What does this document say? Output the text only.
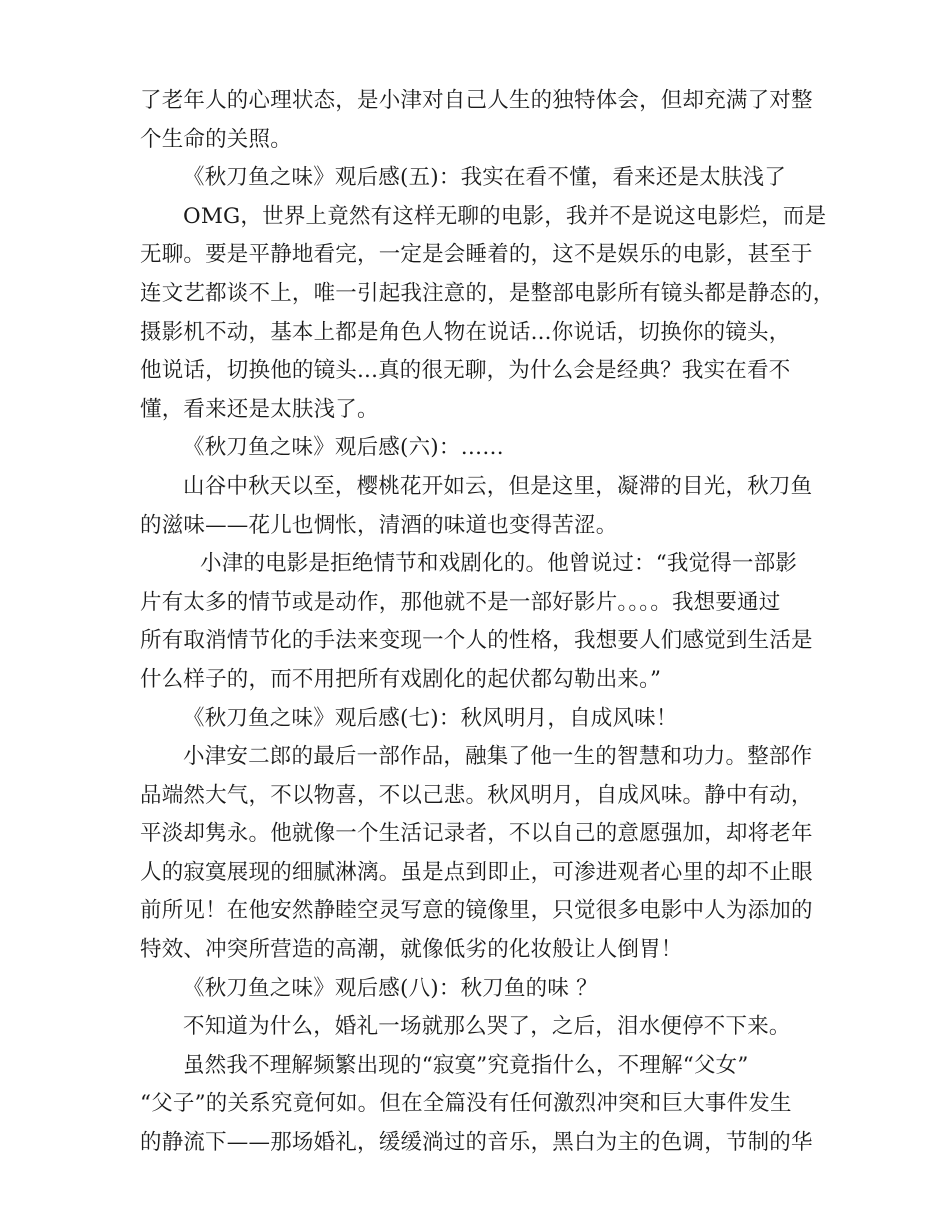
了老年人的心理状态，是小津对自己人生的独特体会，但却充满了对整
个生命的关照。
《秋刀鱼之味》观后感(五)：我实在看不懂，看来还是太肤浅了
OMG，世界上竟然有这样无聊的电影，我并不是说这电影烂，而是
无聊。要是平静地看完，一定是会睡着的，这不是娱乐的电影，甚至于
连文艺都谈不上，唯一引起我注意的，是整部电影所有镜头都是静态的，
摄影机不动，基本上都是角色人物在说话...你说话，切换你的镜头，
他说话，切换他的镜头...真的很无聊，为什么会是经典？我实在看不
懂，看来还是太肤浅了。
《秋刀鱼之味》观后感(六)：……
山谷中秋天以至，樱桃花开如云，但是这里，凝滞的目光，秋刀鱼
的滋味——花儿也惆怅，清酒的味道也变得苦涩。
小津的电影是拒绝情节和戏剧化的。他曾说过：“我觉得一部影
片有太多的情节或是动作，那他就不是一部好影片。。。。我想要通过
所有取消情节化的手法来变现一个人的性格，我想要人们感觉到生活是
什么样子的，而不用把所有戏剧化的起伏都勾勒出来。”
《秋刀鱼之味》观后感(七)：秋风明月，自成风味！
小津安二郎的最后一部作品，融集了他一生的智慧和功力。整部作
品端然大气，不以物喜，不以己悲。秋风明月，自成风味。静中有动，
平淡却隽永。他就像一个生活记录者，不以自己的意愿强加，却将老年
人的寂寞展现的细腻淋漓。虽是点到即止，可渗进观者心里的却不止眼
前所见！在他安然静睦空灵写意的镜像里，只觉很多电影中人为添加的
特效、冲突所营造的高潮，就像低劣的化妆般让人倒胃！
《秋刀鱼之味》观后感(八)：秋刀鱼的味 ？
不知道为什么，婚礼一场就那么哭了，之后，泪水便停不下来。
虽然我不理解频繁出现的“寂寞”究竟指什么，不理解“父女”
“父子”的关系究竟何如。但在全篇没有任何激烈冲突和巨大事件发生
的静流下——那场婚礼，缓缓淌过的音乐，黑白为主的色调，节制的华
